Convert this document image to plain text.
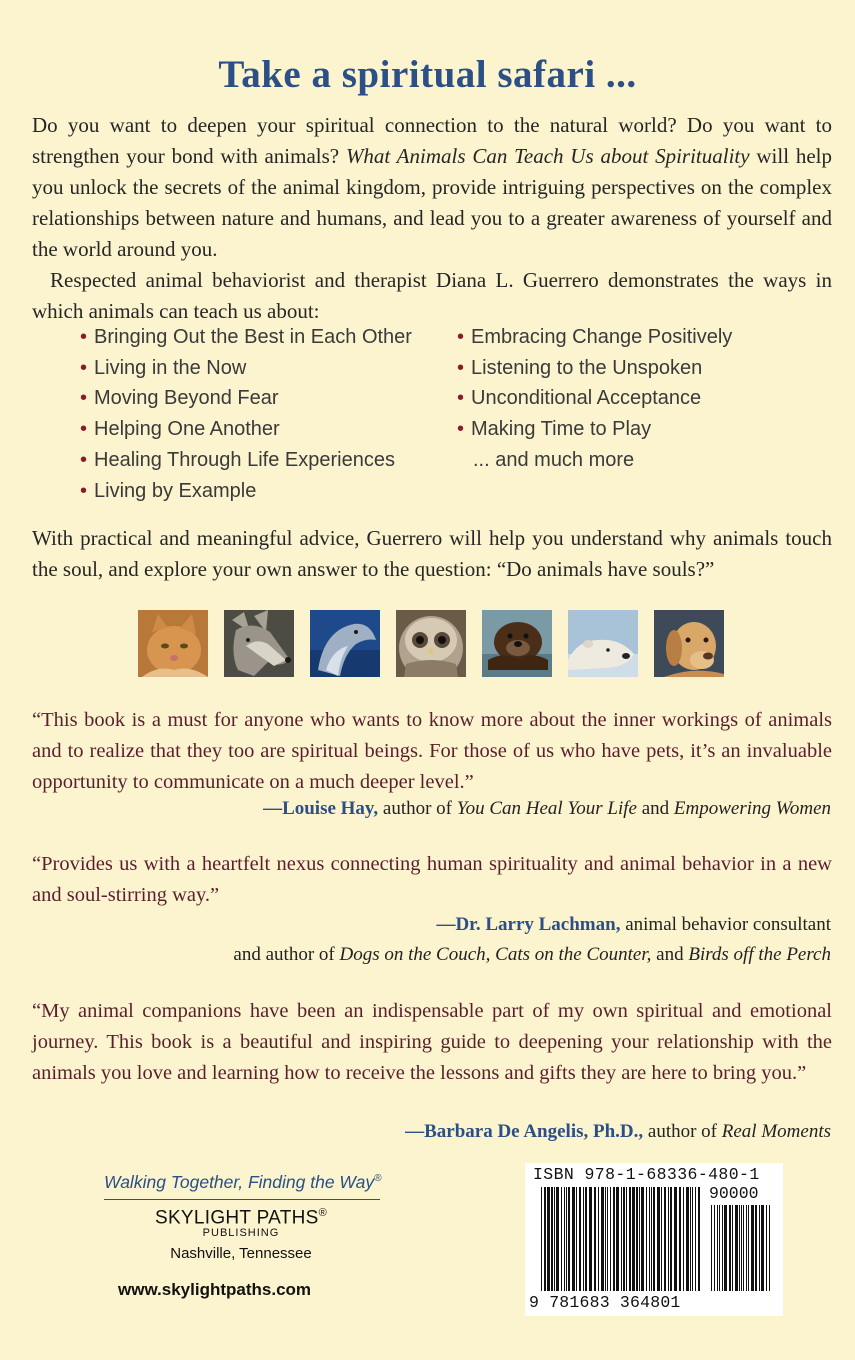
Take a spiritual safari ...

Do you want to deepen your spiritual connection to the natural world? Do you want to strengthen your bond with animals? What Animals Can Teach Us about Spirituality will help you unlock the secrets of the animal kingdom, provide intriguing perspectives on the complex relationships between nature and humans, and lead you to a greater awareness of yourself and the world around you.

Respected animal behaviorist and therapist Diana L. Guerrero demonstrates the ways in which animals can teach us about:

• Bringing Out the Best in Each Other
• Living in the Now
• Moving Beyond Fear
• Helping One Another
• Healing Through Life Experiences
• Living by Example
• Embracing Change Positively
• Listening to the Unspoken
• Unconditional Acceptance
• Making Time to Play
... and much more
With practical and meaningful advice, Guerrero will help you understand why animals touch the soul, and explore your own answer to the question: “Do animals have souls?”
“This book is a must for anyone who wants to know more about the inner workings of animals and to realize that they too are spiritual beings. For those of us who have pets, it’s an invaluable opportunity to communicate on a much deeper level.”
—Louise Hay, author of You Can Heal Your Life and Empowering Women
“Provides us with a heartfelt nexus connecting human spirituality and animal behavior in a new and soul-stirring way.”
—Dr. Larry Lachman, animal behavior consultant
and author of Dogs on the Couch, Cats on the Counter, and Birds off the Perch
“My animal companions have been an indispensable part of my own spiritual and emotional journey. This book is a beautiful and inspiring guide to deepening your relationship with the animals you love and learning how to receive the lessons and gifts they are here to bring you.”
—Barbara De Angelis, Ph.D., author of Real Moments
Walking Together, Finding the Way®
SKYLIGHT PATHS®
PUBLISHING
Nashville, Tennessee
www.skylightpaths.com
ISBN 978-1-68336-480-1
90000
9 781683 364801
